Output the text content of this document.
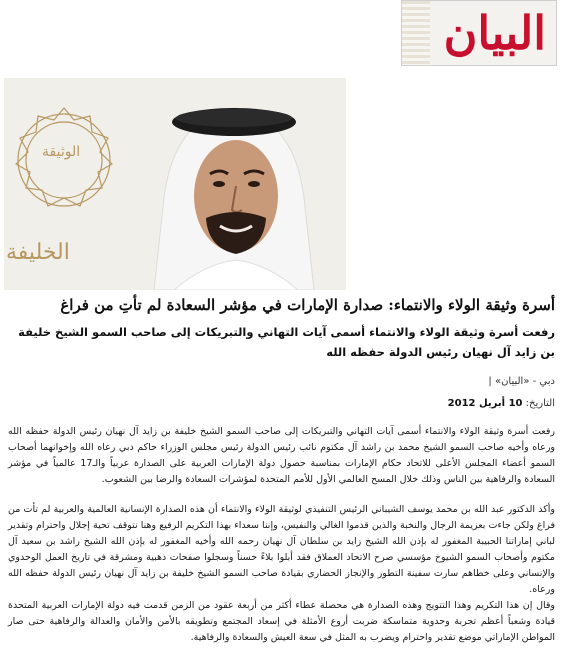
البيان
الوثيقة
الخليفة
أسرة وثيقة الولاء والانتماء: صدارة الإمارات في مؤشر السعادة لم تأتِ من فراغ
رفعت أسرة وثيقة الولاء والانتماء أسمى آيات التهاني والتبريكات إلى صاحب السمو الشيخ خليفة بن زايد آل نهيان رئيس الدولة حفظه الله
دبي - «البيان» |
التاريخ: 10 أبريل 2012

رفعت أسرة وثيقة الولاء والانتماء أسمى آيات التهاني والتبريكات إلى صاحب السمو الشيخ خليفة بن زايد آل نهيان رئيس الدولة حفظه الله ورعاه وأخيه صاحب السمو الشيخ محمد بن راشد آل مكتوم نائب رئيس الدولة رئيس مجلس الوزراء حاكم دبي رعاه الله وإخوانهما أصحاب السمو أعضاء المجلس الأعلى للاتحاد حكام الإمارات بمناسبة حصول دولة الإمارات العربية على الصدارة عربياً والـ17 عالمياً في مؤشر السعادة والرفاهية بين الناس وذلك خلال المسح العالمي الأول للأمم المتحدة لمؤشرات السعادة والرضا بين الشعوب.

وأكد الدكتور عبد الله بن محمد يوسف الشيباني الرئيس التنفيذي لوثيقة الولاء والانتماء أن هذه الصدارة الإنسانية العالمية والعربية لم تأت من فراغ ولكن جاءت بعزيمة الرجال والنخبة والذين قدموا الغالي والنفيس، وإننا سعداء بهذا التكريم الرفيع وهنا نتوقف تحية إجلال واحترام وتقدير لباني إماراتنا الحبيبة المغفور له بإذن الله الشيخ زايد بن سلطان آل نهيان رحمه الله وأخيه المغفور له بإذن الله الشيخ راشد بن سعيد آل مكتوم وأصحاب السمو الشيوخ مؤسسي صرح الاتحاد العملاق فقد أبلوا بلاءً حسناً وسجلوا صفحات ذهبية ومشرقة في تاريخ العمل الوحدوي والإنساني وعلى خطاهم سارت سفينة التطور والإنجاز الحضاري بقيادة صاحب السمو الشيخ خليفة بن زايد آل نهيان رئيس الدولة حفظه الله ورعاه.

وقال إن هذا التكريم وهذا التتويج وهذه الصدارة هي محصلة عطاء أكثر من أربعة عقود من الزمن قدمت فيه دولة الإمارات العربية المتحدة قيادة وشعباً أعظم تجربة وحدوية متماسكة ضربت أروع الأمثلة في إسعاد المجتمع وتطويقه بالأمن والأمان والعدالة والرفاهية حتى صار المواطن الإماراتي موضع تقدير واحترام ويضرب به المثل في سعة العيش والسعادة والرفاهية.
